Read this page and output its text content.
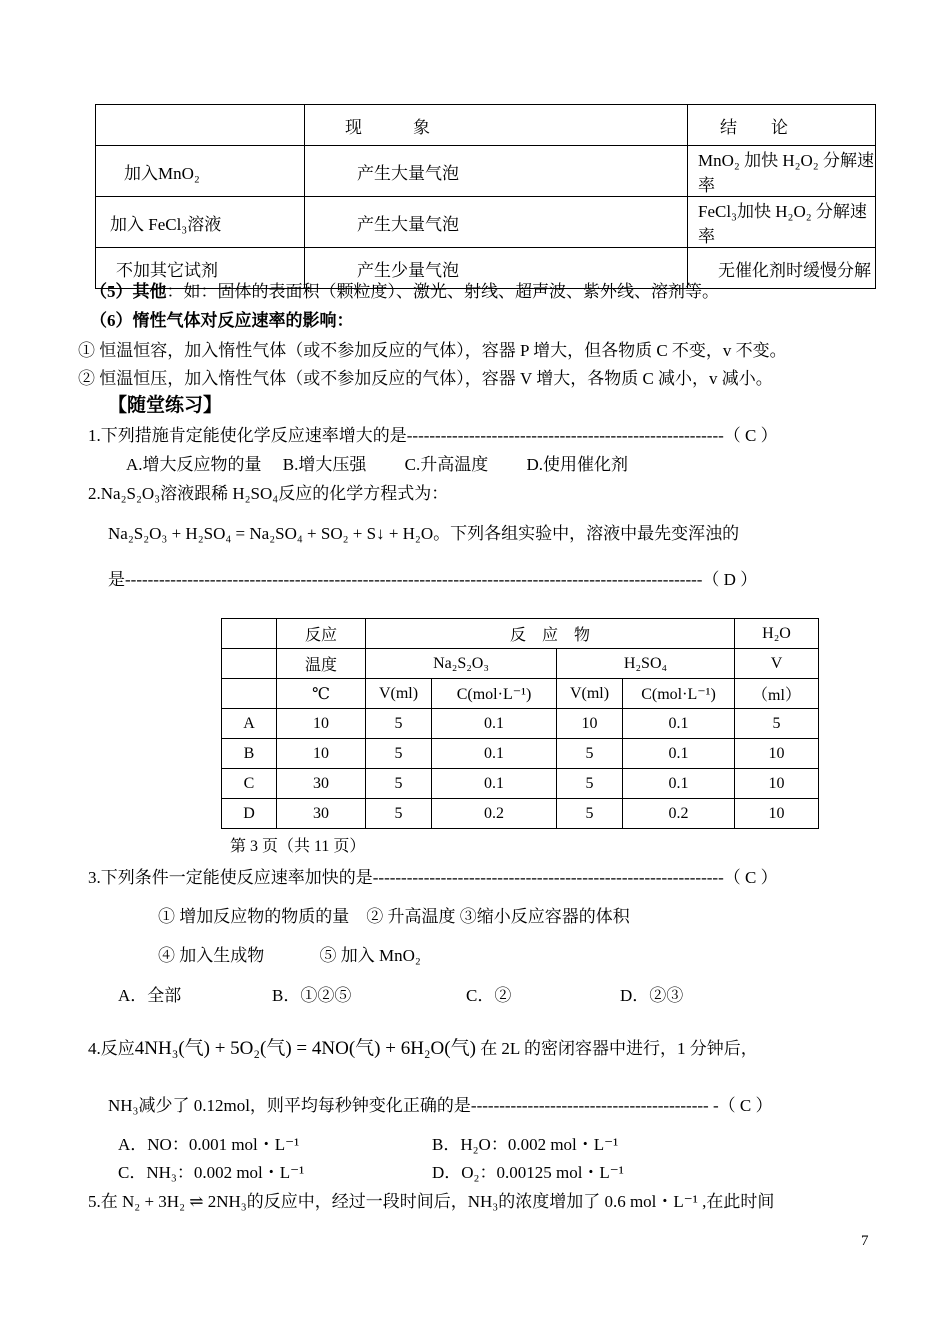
	现　　　象	结　　论
加入MnO₂	产生大量气泡	MnO₂ 加快 H₂O₂ 分解速率
加入 FeCl₃溶液	产生大量气泡	FeCl₃加快 H₂O₂ 分解速率
不加其它试剂	产生少量气泡	无催化剂时缓慢分解
（5）其他：如：固体的表面积（颗粒度）、激光、射线、超声波、紫外线、溶剂等。
（6）惰性气体对反应速率的影响：
① 恒温恒容，加入惰性气体（或不参加反应的气体），容器 P 增大，但各物质 C 不变，v 不变。
② 恒温恒压，加入惰性气体（或不参加反应的气体），容器 V 增大，各物质 C 减小，v 减小。
【随堂练习】
1.下列措施肯定能使化学反应速率增大的是--------------------------------------------------------（ C ）
A.增大反应物的量　 B.增大压强　　 C.升高温度　　 D.使用催化剂
2.Na₂S₂O₃溶液跟稀 H₂SO₄反应的化学方程式为：
Na₂S₂O₃ + H₂SO₄ = Na₂SO₄ + SO₂ + S↓ + H₂O。下列各组实验中，溶液中最先变浑浊的
是------------------------------------------------------------------------------------------------------（ D ）
	反应	反　应　物				H₂O
	温度	Na₂S₂O₃		H₂SO₄		V
	℃	V(ml)	C(mol·L⁻¹)	V(ml)	C(mol·L⁻¹)	（ml）
A	10	5	0.1	10	0.1	5
B	10	5	0.1	5	0.1	10
C	30	5	0.1	5	0.1	10
D	30	5	0.2	5	0.2	10
第 3 页（共 11 页）
3.下列条件一定能使反应速率加快的是--------------------------------------------------------------（ C ）
① 增加反应物的物质的量　② 升高温度 ③缩小反应容器的体积
④ 加入生成物　　　 ⑤ 加入 MnO₂
A．全部	B．①②⑤	C．②	D．②③
4.反应4NH₃(气) + 5O₂(气) = 4NO(气) + 6H₂O(气) 在 2L 的密闭容器中进行，1 分钟后，
NH₃减少了 0.12mol，则平均每秒钟变化正确的是------------------------------------------ -（ C ）
A．NO：0.001 mol・L⁻¹	B．H₂O：0.002 mol・L⁻¹
C．NH₃：0.002 mol・L⁻¹	D．O₂：0.00125 mol・L⁻¹
5.在 N₂ + 3H₂ ⇌ 2NH₃的反应中，经过一段时间后，NH₃的浓度增加了 0.6 mol・L⁻¹ ,在此时间
7
